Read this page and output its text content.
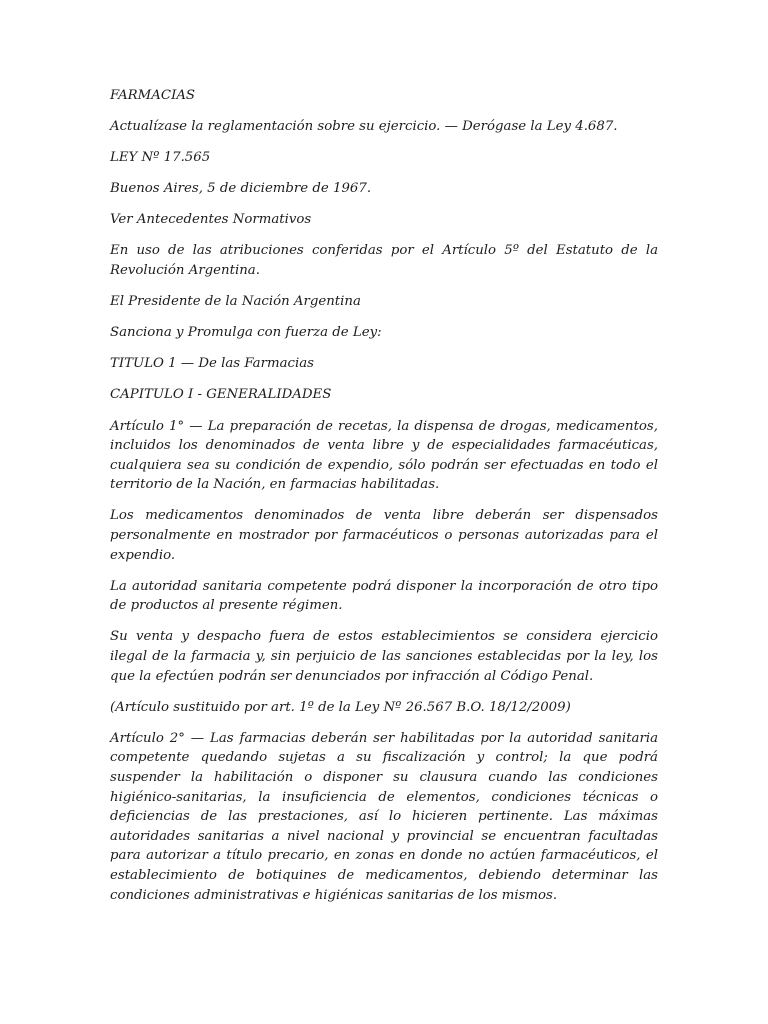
FARMACIAS

Actualízase la reglamentación sobre su ejercicio. — Derógase la Ley 4.687.

LEY Nº 17.565

Buenos Aires, 5 de diciembre de 1967.

Ver Antecedentes Normativos

En uso de las atribuciones conferidas por el Artículo 5º del Estatuto de la Revolución Argentina.

El Presidente de la Nación Argentina

Sanciona y Promulga con fuerza de Ley:

TITULO 1 — De las Farmacias

CAPITULO I - GENERALIDADES

Artículo 1° — La preparación de recetas, la dispensa de drogas, medicamentos, incluidos los denominados de venta libre y de especialidades farmacéuticas, cualquiera sea su condición de expendio, sólo podrán ser efectuadas en todo el territorio de la Nación, en farmacias habilitadas.

Los medicamentos denominados de venta libre deberán ser dispensados personalmente en mostrador por farmacéuticos o personas autorizadas para el expendio.

La autoridad sanitaria competente podrá disponer la incorporación de otro tipo de productos al presente régimen.

Su venta y despacho fuera de estos establecimientos se considera ejercicio ilegal de la farmacia y, sin perjuicio de las sanciones establecidas por la ley, los que la efectúen podrán ser denunciados por infracción al Código Penal.

(Artículo sustituido por art. 1º de la Ley Nº 26.567 B.O. 18/12/2009)

Artículo 2° — Las farmacias deberán ser habilitadas por la autoridad sanitaria competente quedando sujetas a su fiscalización y control; la que podrá suspender la habilitación o disponer su clausura cuando las condiciones higiénico-sanitarias, la insuficiencia de elementos, condiciones técnicas o deficiencias de las prestaciones, así lo hicieren pertinente. Las máximas autoridades sanitarias a nivel nacional y provincial se encuentran facultadas para autorizar a título precario, en zonas en donde no actúen farmacéuticos, el establecimiento de botiquines de medicamentos, debiendo determinar las condiciones administrativas e higiénicas sanitarias de los mismos.
